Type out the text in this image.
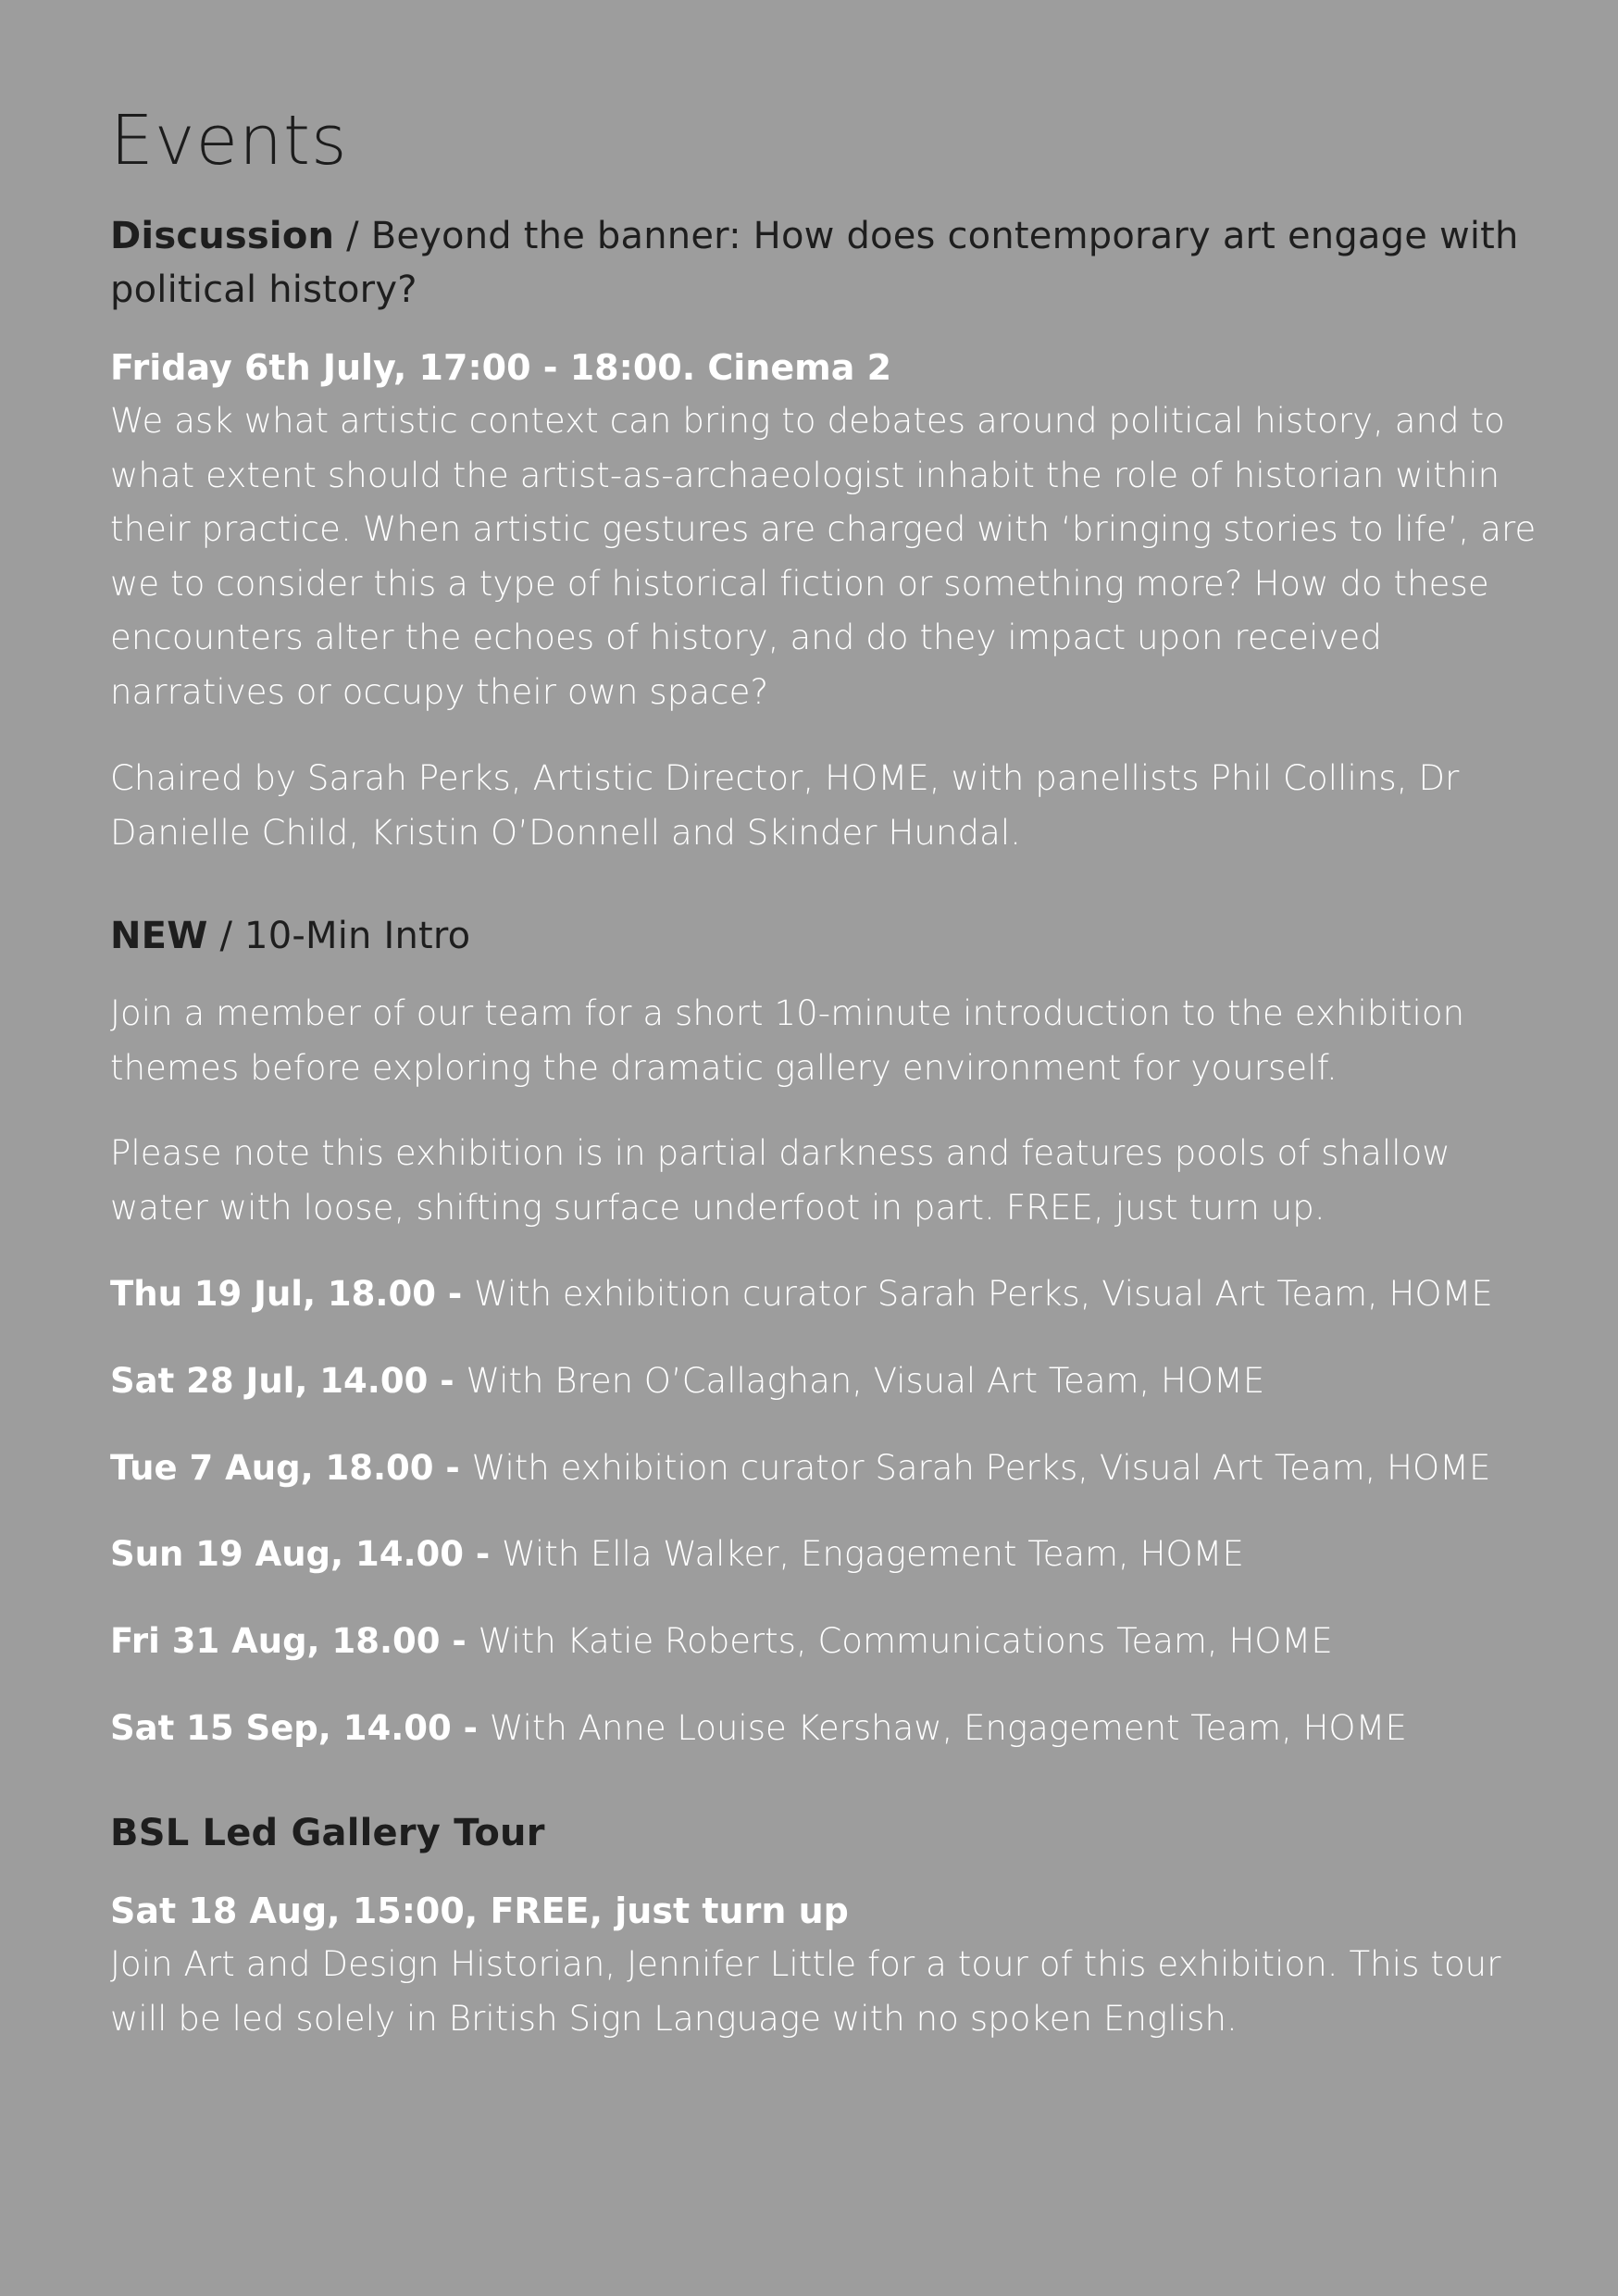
Events
Discussion / Beyond the banner: How does contemporary art engage with political history?

Friday 6th July, 17:00 - 18:00. Cinema 2

We ask what artistic context can bring to debates around political history, and to what extent should the artist-as-archaeologist inhabit the role of historian within their practice. When artistic gestures are charged with ‘bringing stories to life’, are we to consider this a type of historical fiction or something more? How do these encounters alter the echoes of history, and do they impact upon received narratives or occupy their own space?

Chaired by Sarah Perks, Artistic Director, HOME, with panellists Phil Collins, Dr Danielle Child, Kristin O’Donnell and Skinder Hundal.

NEW / 10-Min Intro

Join a member of our team for a short 10-minute introduction to the exhibition themes before exploring the dramatic gallery environment for yourself.

Please note this exhibition is in partial darkness and features pools of shallow water with loose, shifting surface underfoot in part. FREE, just turn up.

Thu 19 Jul, 18.00 - With exhibition curator Sarah Perks, Visual Art Team, HOME

Sat 28 Jul, 14.00 - With Bren O’Callaghan, Visual Art Team, HOME

Tue 7 Aug, 18.00 - With exhibition curator Sarah Perks, Visual Art Team, HOME

Sun 19 Aug, 14.00 - With Ella Walker, Engagement Team, HOME

Fri 31 Aug, 18.00 - With Katie Roberts, Communications Team, HOME

Sat 15 Sep, 14.00 - With Anne Louise Kershaw, Engagement Team, HOME

BSL Led Gallery Tour

Sat 18 Aug, 15:00, FREE, just turn up

Join Art and Design Historian, Jennifer Little for a tour of this exhibition. This tour will be led solely in British Sign Language with no spoken English.
